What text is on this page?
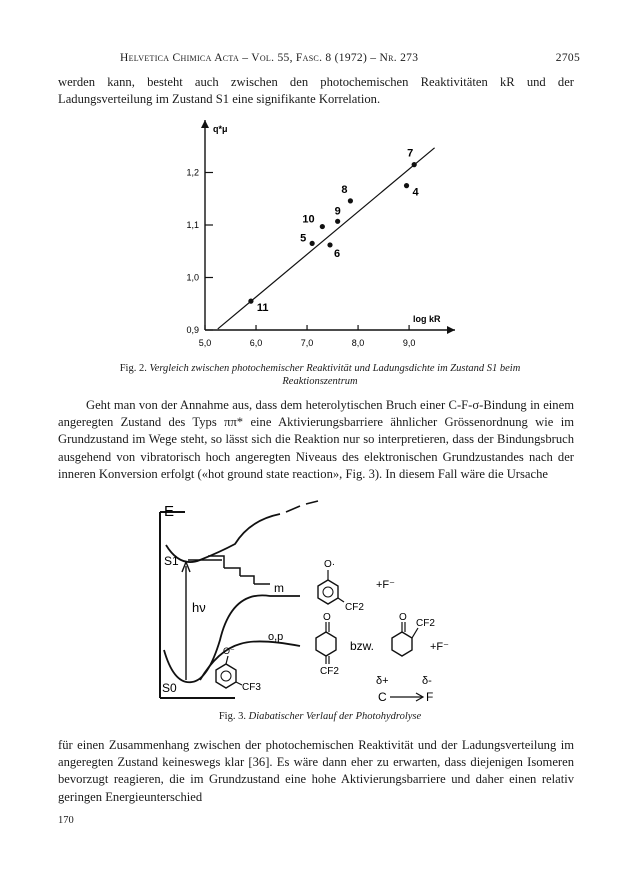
Helvetica Chimica Acta – Vol. 55, Fasc. 8 (1972) – Nr. 273	2705

werden kann, besteht auch zwischen den photochemischen Reaktivitäten kR und der Ladungsverteilung im Zustand S1 eine signifikante Korrelation.

5,0	6,0	7,0	8,0	9,0
0,9
1,0
1,1
1,2
11
5
6
10
9
8	4
7
q*μ
log kR
Fig. 2. Vergleich zwischen photochemischer Reaktivität und Ladungsdichte im Zustand S1 beim Reaktionszentrum

Geht man von der Annahme aus, dass dem heterolytischen Bruch einer C-F-σ-Bindung in einem angeregten Zustand des Typs ππ* eine Aktivierungsbarriere ähnlicher Grössenordnung wie im Grundzustand im Wege steht, so lässt sich die Reaktion nur so interpretieren, dass der Bindungsbruch ausgehend von vibratorisch hoch angeregten Niveaus des elektronischen Grundzustandes nach der inneren Konversion erfolgt («hot ground state reaction», Fig. 3). In diesem Fall wäre die Ursache

E
S1
hν
m
o,p
S0
O⁻
CF3
O·
CF2
+F⁻
O
CF2
bzw.
O
CF2
+F⁻
δ+	δ-
C	F
Fig. 3. Diabatischer Verlauf der Photohydrolyse

für einen Zusammenhang zwischen der photochemischen Reaktivität und der Ladungsverteilung im angeregten Zustand keineswegs klar [36]. Es wäre dann eher zu erwarten, dass diejenigen Isomeren bevorzugt reagieren, die im Grundzustand eine hohe Aktivierungsbarriere und daher einen relativ geringen Energieunterschied

170
